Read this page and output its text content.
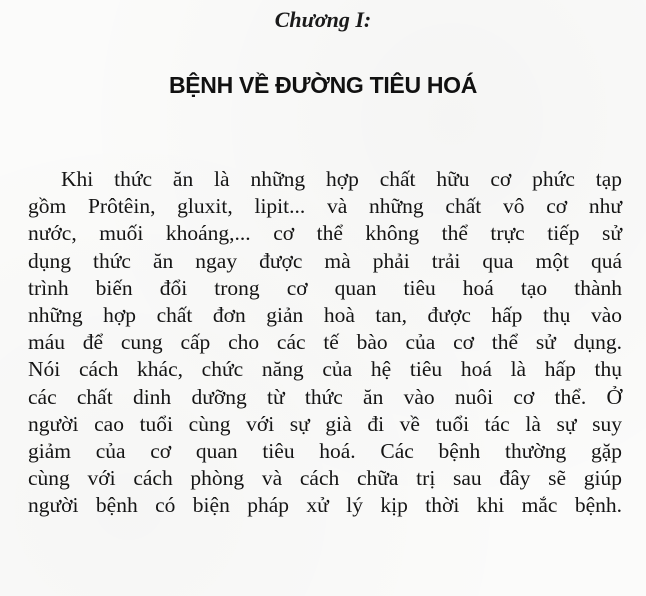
Chương I:
BỆNH VỀ ĐƯỜNG TIÊU HOÁ
Khi thức ăn là những hợp chất hữu cơ phức tạp
gồm Prôtêin, gluxit, lipit... và những chất vô cơ như
nước, muối khoáng,... cơ thể không thể trực tiếp sử
dụng thức ăn ngay được mà phải trải qua một quá
trình biến đổi trong cơ quan tiêu hoá tạo thành
những hợp chất đơn giản hoà tan, được hấp thụ vào
máu để cung cấp cho các tế bào của cơ thể sử dụng.
Nói cách khác, chức năng của hệ tiêu hoá là hấp thụ
các chất dinh dưỡng từ thức ăn vào nuôi cơ thể. Ở
người cao tuổi cùng với sự già đi về tuổi tác là sự suy
giảm của cơ quan tiêu hoá. Các bệnh thường gặp
cùng với cách phòng và cách chữa trị sau đây sẽ giúp
người bệnh có biện pháp xử lý kịp thời khi mắc bệnh.
